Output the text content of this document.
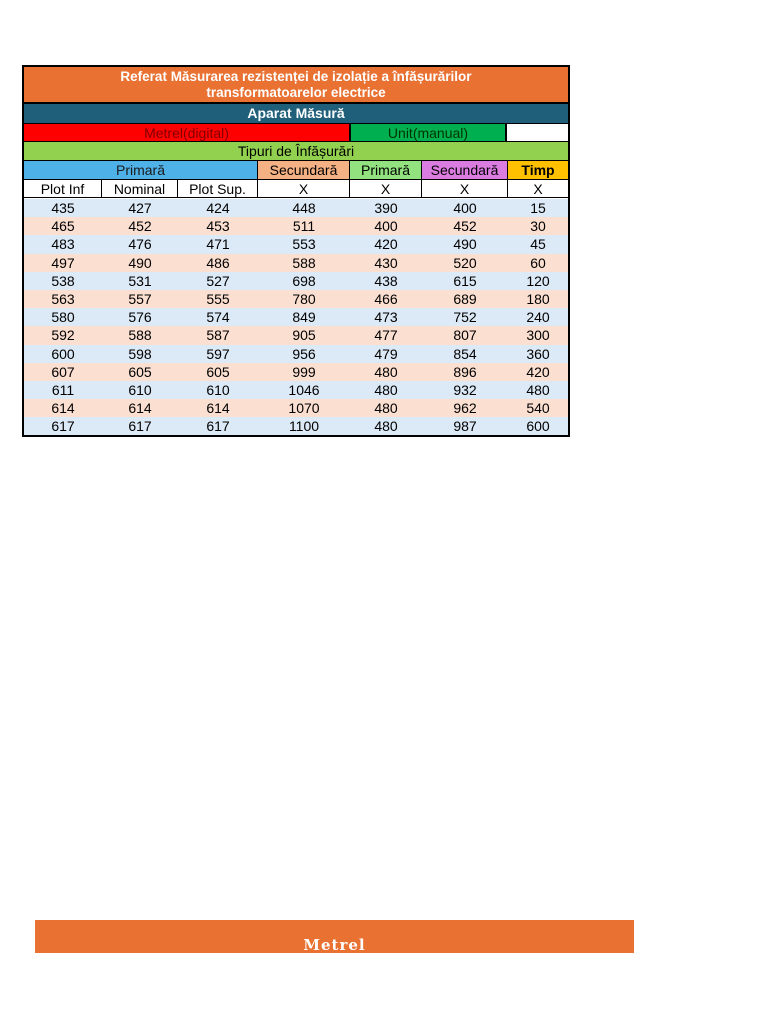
Referat Măsurarea rezistenței de izolație a înfășurărilor
transformatoarelor electrice
Aparat Măsură
Metrel(digital)	Unit(manual)
Tipuri de Înfășurări
Primară	Secundară	Primară	Secundară	Timp
Plot Inf	Nominal	Plot Sup.	X	X	X	X
435	427	424	448	390	400	15
465	452	453	511	400	452	30
483	476	471	553	420	490	45
497	490	486	588	430	520	60
538	531	527	698	438	615	120
563	557	555	780	466	689	180
580	576	574	849	473	752	240
592	588	587	905	477	807	300
600	598	597	956	479	854	360
607	605	605	999	480	896	420
611	610	610	1046	480	932	480
614	614	614	1070	480	962	540
617	617	617	1100	480	987	600
Metrel
